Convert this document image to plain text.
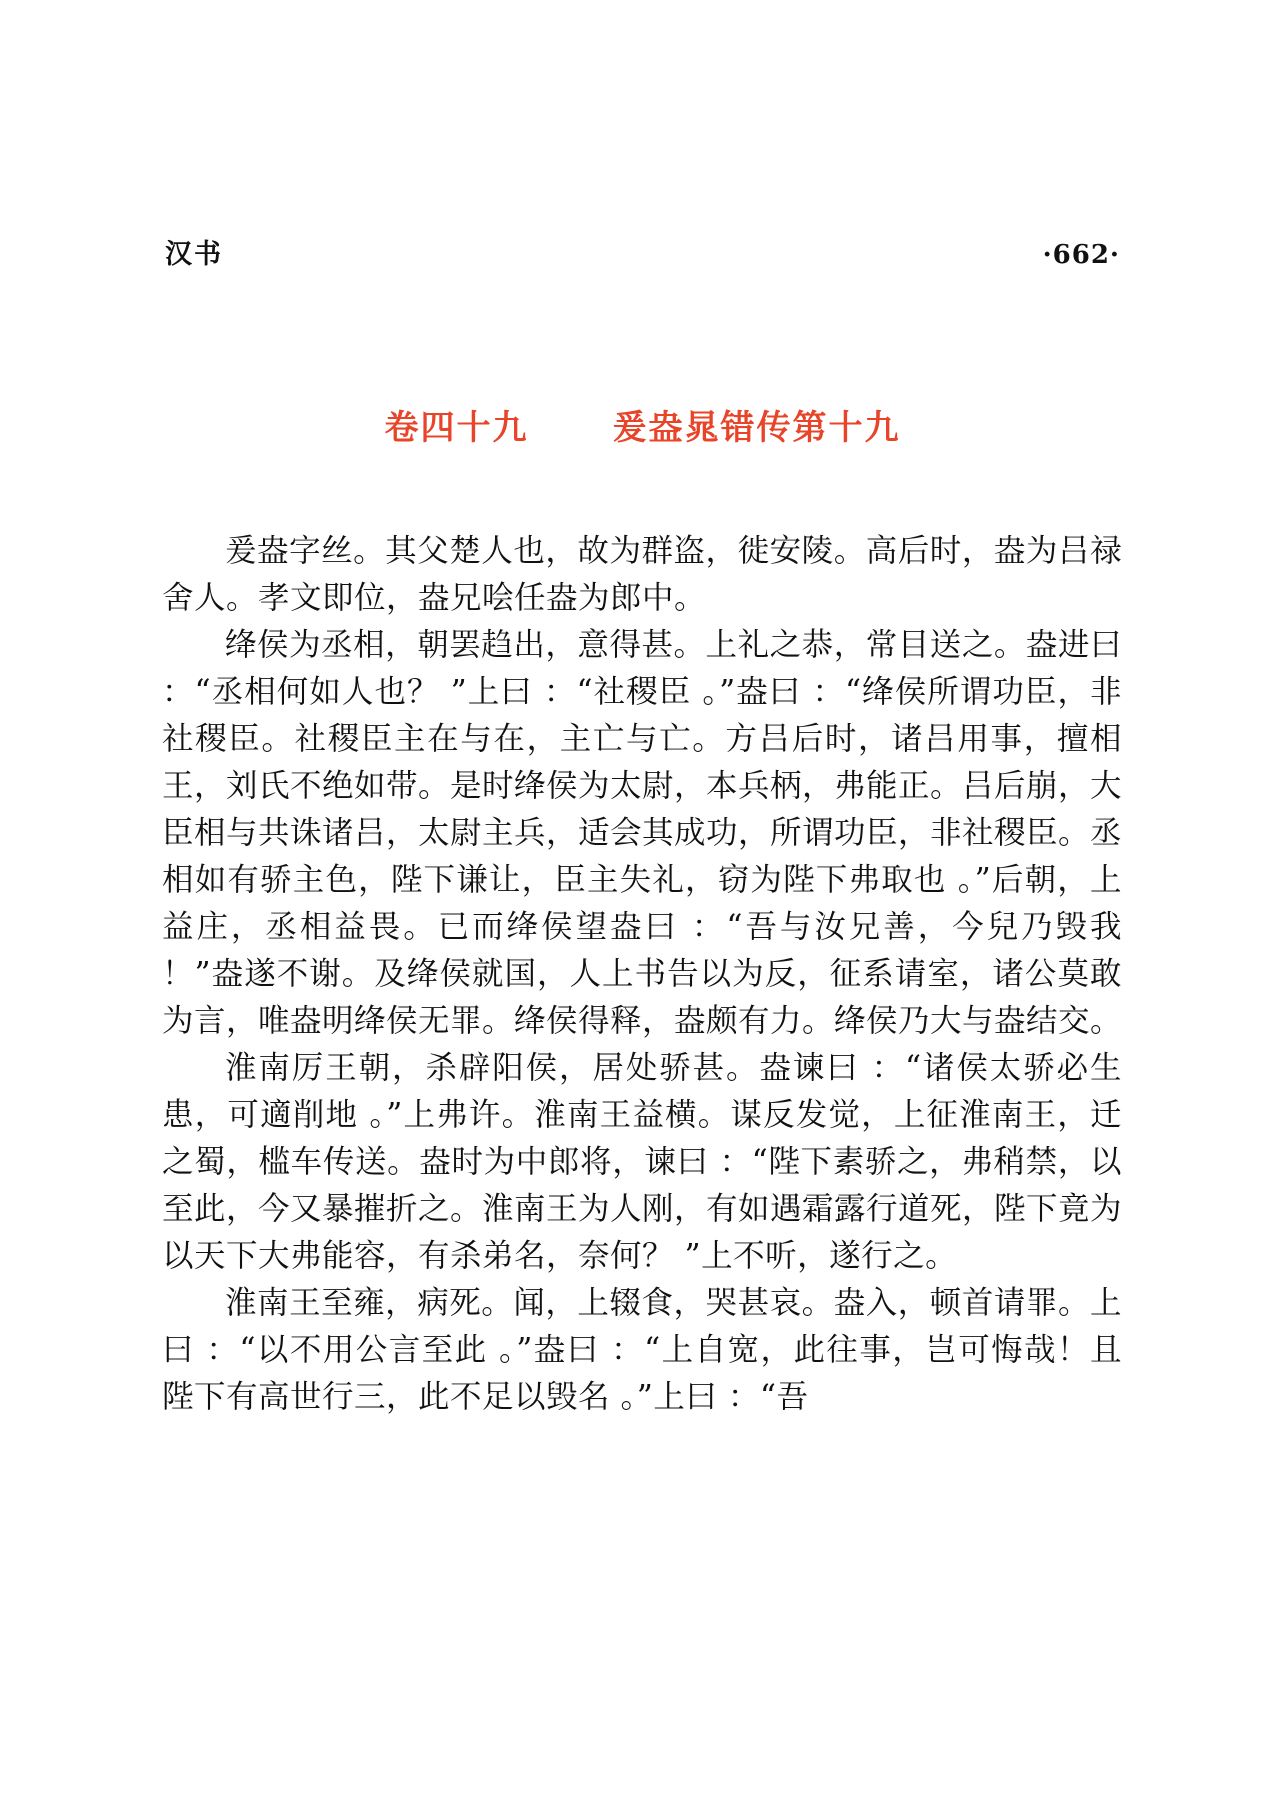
汉书	·662·
卷四十九 爰盎晁错传第十九

爰盎字丝。其父楚人也，故为群盗，徙安陵。高后时，盎为吕禄舍人。孝文即位，盎兄哙任盎为郎中。

绛侯为丞相，朝罢趋出，意得甚。上礼之恭，常目送之。盎进曰 ：“丞相何如人也？ ”上曰 ：“社稷臣 。”盎曰 ：“绛侯所谓功臣，非社稷臣。社稷臣主在与在，主亡与亡。方吕后时，诸吕用事，擅相王，刘氏不绝如带。是时绛侯为太尉，本兵柄，弗能正。吕后崩，大臣相与共诛诸吕，太尉主兵，适会其成功，所谓功臣，非社稷臣。丞相如有骄主色，陛下谦让，臣主失礼，窃为陛下弗取也 。”后朝，上益庄，丞相益畏。已而绛侯望盎曰 ：“吾与汝兄善，今兒乃毁我 ！”盎遂不谢。及绛侯就国，人上书告以为反，征系请室，诸公莫敢为言，唯盎明绛侯无罪。绛侯得释，盎颇有力。绛侯乃大与盎结交。

淮南厉王朝，杀辟阳侯，居处骄甚。盎谏曰 ：“诸侯太骄必生患，可適削地 。”上弗许。淮南王益横。谋反发觉，上征淮南王，迁之蜀，槛车传送。盎时为中郎将，谏曰 ：“陛下素骄之，弗稍禁，以至此，今又暴摧折之。淮南王为人刚，有如遇霜露行道死，陛下竟为以天下大弗能容，有杀弟名，奈何？ ”上不听，遂行之。

淮南王至雍，病死。闻，上辍食，哭甚哀。盎入，顿首请罪。上曰 ：“以不用公言至此 。”盎曰 ：“上自宽，此往事，岂可悔哉！且陛下有高世行三，此不足以毁名 。”上曰 ：“吾
